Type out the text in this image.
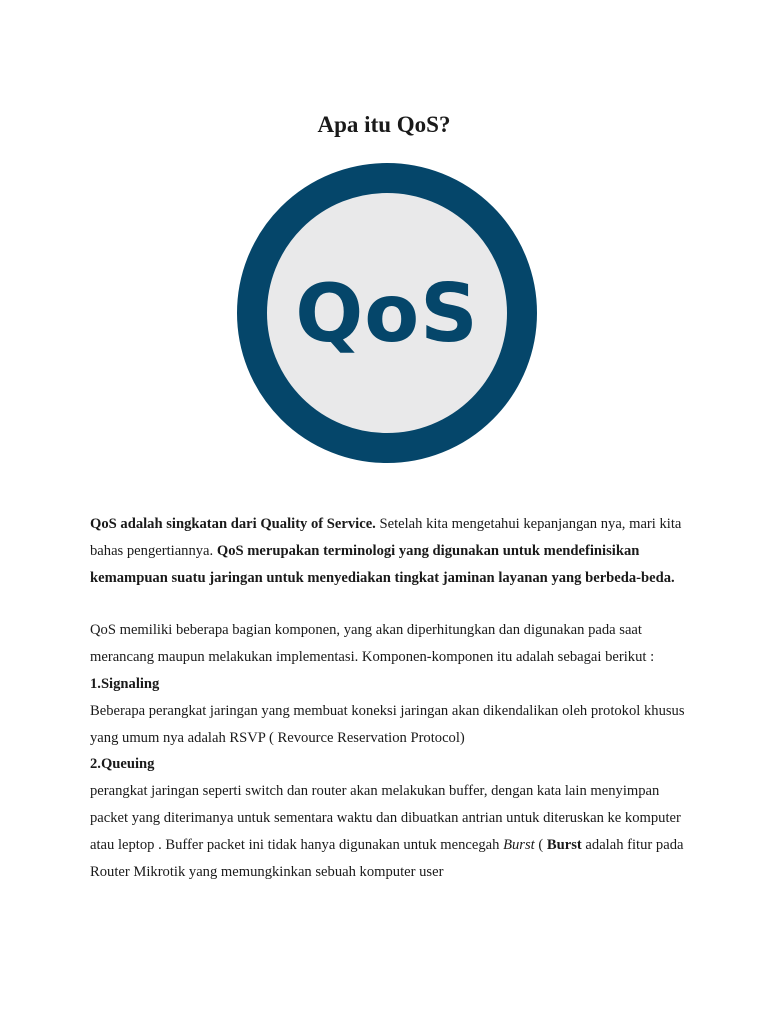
Apa itu QoS?
QoS

QoS adalah singkatan dari Quality of Service. Setelah kita mengetahui kepanjangan nya, mari kita bahas pengertiannya. QoS merupakan terminologi yang digunakan untuk mendefinisikan kemampuan suatu jaringan untuk menyediakan tingkat jaminan layanan yang berbeda-beda.

QoS memiliki beberapa bagian komponen, yang akan diperhitungkan dan digunakan pada saat merancang maupun melakukan implementasi. Komponen-komponen itu adalah sebagai berikut :

1.Signaling

Beberapa perangkat jaringan yang membuat koneksi jaringan akan dikendalikan oleh protokol khusus yang umum nya adalah RSVP ( Revource Reservation Protocol)

2.Queuing

perangkat jaringan seperti switch dan router akan melakukan buffer, dengan kata lain menyimpan packet yang diterimanya untuk sementara waktu dan dibuatkan antrian untuk diteruskan ke komputer atau leptop . Buffer packet ini tidak hanya digunakan untuk mencegah Burst ( Burst adalah fitur pada Router Mikrotik yang memungkinkan sebuah komputer user
